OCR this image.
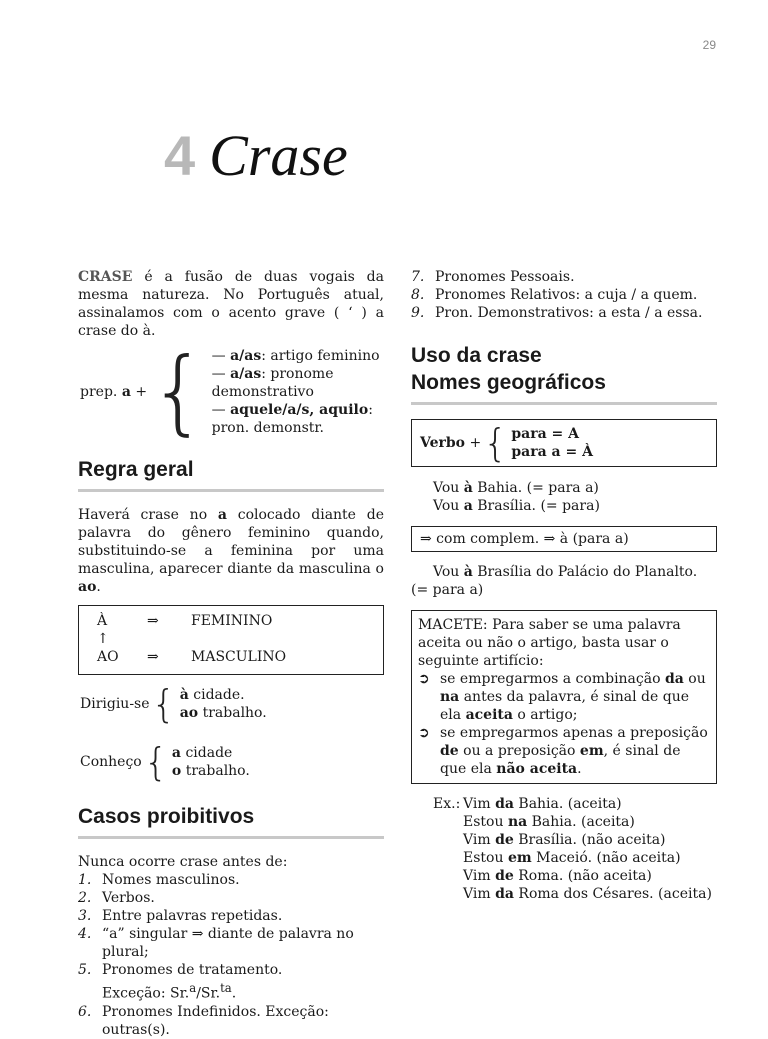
29
4 Crase

CRASE é a fusão de duas vogais da mesma natureza. No Português atual, assinalamos com o acento grave ( ‘ ) a crase do à.

prep. a + { — a/as: artigo feminino
— a/as: pronome
demonstrativo
— aquele/a/s, aquilo:
pron. demonstr.
Regra geral

Haverá crase no a colocado diante de palavra do gênero feminino quando, substituindo-se a feminina por uma masculina, aparecer diante da masculina o ao.

À	⇒	FEMININO
↑
AO	⇒	MASCULINO
Dirigiu-se { à cidade.
ao trabalho.
Conheço { a cidade
o trabalho.
Casos proibitivos

Nunca ocorre crase antes de:

1. Nomes masculinos.
2. Verbos.
3. Entre palavras repetidas.
4. “a” singular ⇒ diante de palavra no plural;
5. Pronomes de tratamento.
Exceção: Sr.$^a$/Sr.$^{ta}$.
6. Pronomes Indefinidos. Exceção: outras(s).
7. Pronomes Pessoais.
8. Pronomes Relativos: a cuja / a quem.
9. Pron. Demonstrativos: a esta / a essa.
Uso da crase
Nomes geográficos
Verbo + { para = A
para a = À

Vou à Bahia. (= para a)

Vou a Brasília. (= para)

⇒ com complem. ⇒ à (para a)

Vou à Brasília do Palácio do Planalto. (= para a)

MACETE: Para saber se uma palavra aceita ou não o artigo, basta usar o seguinte artifício:

➲ se empregarmos a combinação da ou na antes da palavra, é sinal de que ela aceita o artigo;
➲ se empregarmos apenas a preposição de ou a preposição em, é sinal de que ela não aceita.
Ex.: Vim da Bahia. (aceita)
Estou na Bahia. (aceita)
Vim de Brasília. (não aceita)
Estou em Maceió. (não aceita)
Vim de Roma. (não aceita)
Vim da Roma dos Césares. (aceita)
